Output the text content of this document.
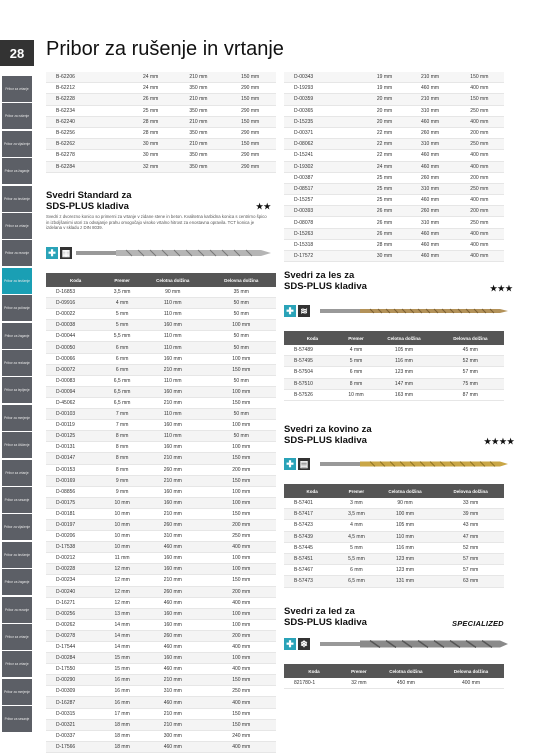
28
Pribor za vrtanje
Pribor za rušenje
Pribor za vijačenje
Pribor za žaganje
Pribor za brušenje
Pribor za vrtanje
Pribor za rezanje
Pribor za brušenje
Pribor za poliranje
Pribor za žaganje
Pribor za rezkanje
Pribor za lepljenje
Pribor za merjenje
Pribor za čiščenje
Pribor za vrtanje
Pribor za sesanje
Pribor za vijačenje
Pribor za brušenje
Pribor za žaganje
Pribor za rezanje
Pribor za vrtanje
Pribor za vrtanje
Pribor za merjenje
Pribor za sesanje
Pribor za rušenje in vrtanje
B-62206	24 mm	210 mm	150 mm
B-62212	24 mm	350 mm	290 mm
B-62228	26 mm	210 mm	150 mm
B-62234	25 mm	350 mm	290 mm
B-62240	28 mm	210 mm	150 mm
B-62256	28 mm	350 mm	290 mm
B-62262	30 mm	210 mm	150 mm
B-62278	30 mm	350 mm	290 mm
B-62284	32 mm	350 mm	290 mm
Svedri Standard za
SDS-PLUS kladiva	★★
Svedri z dvorezno konico so primerni za vrtanje v zidane stene in beton. Kvalitetna karbidna konica s centrirno špico in izboljšanimi utori za odvajanje prahu omogočajo visoko vrtalno hitrost za enostavna opravila. TCT konica je izdelana v skladu z DIN 8039.
✚ ▦
Koda	Premer	Celotna dolžina	Delovna dolžina
D-16853	3,5 mm	90 mm	35 mm
D-09916	4 mm	110 mm	50 mm
D-00022	5 mm	110 mm	50 mm
D-00038	5 mm	160 mm	100 mm
D-00044	5,5 mm	110 mm	50 mm
D-00050	6 mm	110 mm	50 mm
D-00066	6 mm	160 mm	100 mm
D-00072	6 mm	210 mm	150 mm
D-00083	6,5 mm	110 mm	50 mm
D-00094	6,5 mm	160 mm	100 mm
D-45062	6,5 mm	210 mm	150 mm
D-00103	7 mm	110 mm	50 mm
D-00119	7 mm	160 mm	100 mm
D-00125	8 mm	110 mm	50 mm
D-00131	8 mm	160 mm	100 mm
D-00147	8 mm	210 mm	150 mm
D-00153	8 mm	260 mm	200 mm
D-00169	9 mm	210 mm	150 mm
D-08856	9 mm	160 mm	100 mm
D-00175	10 mm	160 mm	100 mm
D-00181	10 mm	210 mm	150 mm
D-00197	10 mm	260 mm	200 mm
D-00206	10 mm	310 mm	250 mm
D-17538	10 mm	460 mm	400 mm
D-00212	11 mm	160 mm	100 mm
D-00228	12 mm	160 mm	100 mm
D-00234	12 mm	210 mm	150 mm
D-00240	12 mm	260 mm	200 mm
D-16271	12 mm	460 mm	400 mm
D-00256	13 mm	160 mm	100 mm
D-00262	14 mm	160 mm	100 mm
D-00278	14 mm	260 mm	200 mm
D-17544	14 mm	460 mm	400 mm
D-00284	15 mm	160 mm	100 mm
D-17550	15 mm	460 mm	400 mm
D-00290	16 mm	210 mm	150 mm
D-00309	16 mm	310 mm	250 mm
D-16287	16 mm	460 mm	400 mm
D-00315	17 mm	210 mm	150 mm
D-00321	18 mm	210 mm	150 mm
D-00337	18 mm	300 mm	240 mm
D-17566	18 mm	460 mm	400 mm
D-00343	19 mm	210 mm	150 mm
D-19293	19 mm	460 mm	400 mm
D-00359	20 mm	210 mm	150 mm
D-00365	20 mm	310 mm	250 mm
D-15235	20 mm	460 mm	400 mm
D-00371	22 mm	260 mm	200 mm
D-08062	22 mm	310 mm	250 mm
D-15241	22 mm	460 mm	400 mm
D-19302	24 mm	460 mm	400 mm
D-00387	25 mm	260 mm	200 mm
D-08517	25 mm	310 mm	250 mm
D-15257	25 mm	460 mm	400 mm
D-00393	26 mm	260 mm	200 mm
D-08078	26 mm	310 mm	250 mm
D-15263	26 mm	460 mm	400 mm
D-15318	28 mm	460 mm	400 mm
D-17572	30 mm	460 mm	400 mm
Svedri za les za
SDS-PLUS kladiva	★★★
✚ ≋
Koda	Premer	Celotna dolžina	Delovna dolžina
B-57489	4 mm	105 mm	45 mm
B-57495	5 mm	116 mm	52 mm
B-57504	6 mm	123 mm	57 mm
B-57510	8 mm	147 mm	75 mm
B-57526	10 mm	163 mm	87 mm
Svedri za kovino za
SDS-PLUS kladiva	★★★★
✚ ▤
Koda	Premer	Celotna dolžina	Delovna dolžina
B-57401	3 mm	90 mm	33 mm
B-57417	3,5 mm	100 mm	39 mm
B-57423	4 mm	105 mm	43 mm
B-57439	4,5 mm	110 mm	47 mm
B-57445	5 mm	116 mm	52 mm
B-57451	5,5 mm	123 mm	57 mm
B-57467	6 mm	123 mm	57 mm
B-57473	6,5 mm	131 mm	63 mm
Svedri za led za
SDS-PLUS kladiva	SPECIALIZED
✚ ❄
Koda	Premer	Celotna dolžina	Delovna dolžina
821780-1	32 mm	450 mm	400 mm
